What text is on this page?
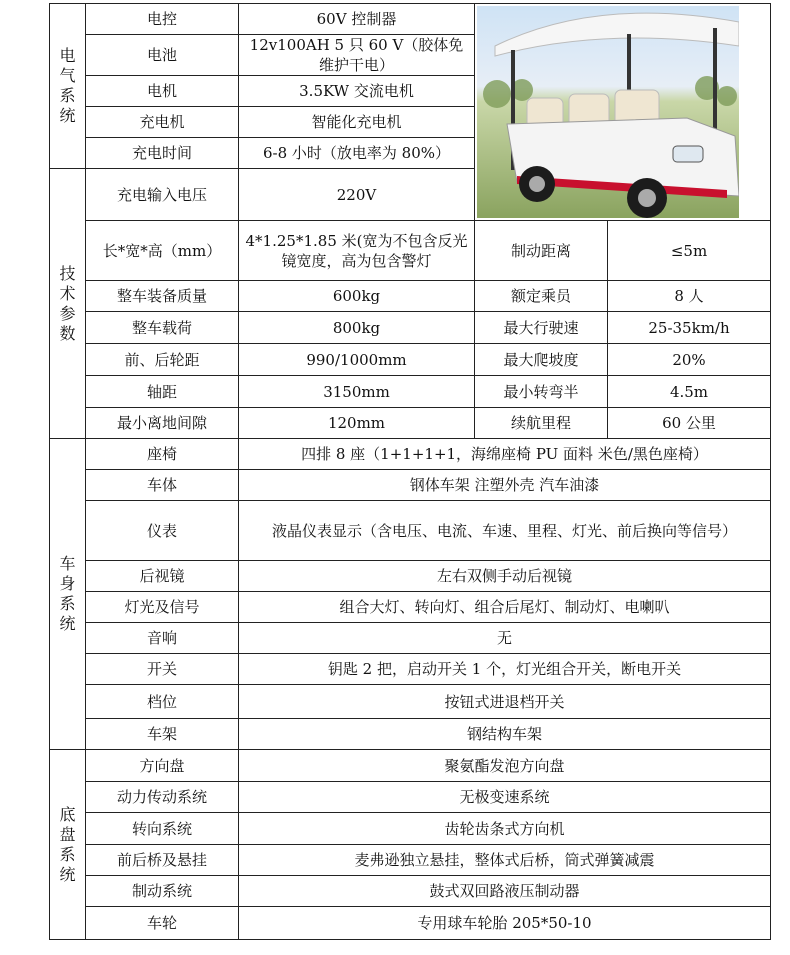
电
气
系
统	电控	60V 控制器	

	电池	12v100AH 5 只 60 V（胶体免维护干电）		
	电机	3.5KW 交流电机		
	充电机	智能化充电机		
	充电时间	6-8 小时（放电率为 80%）		

技
术
参
数	充电输入电压	220V		
	长*宽*高（mm）	4*1.25*1.85 米(宽为不包含反光镜宽度，高为包含警灯	制动距离	≤5m
	整车装备质量	600kg	额定乘员	8 人
	整车载荷	800kg	最大行驶速	25-35km/h
	前、后轮距	990/1000mm	最大爬坡度	20%
	轴距	3150mm	最小转弯半	4.5m
	最小离地间隙	120mm	续航里程	60 公里

车
身
系
统	座椅	四排 8 座（1+1+1+1，海绵座椅 PU 面料 米色/黑色座椅）		
	车体	钢体车架 注塑外壳 汽车油漆		
	仪表	液晶仪表显示（含电压、电流、车速、里程、灯光、前后换向等信号）		
	后视镜	左右双侧手动后视镜		
	灯光及信号	组合大灯、转向灯、组合后尾灯、制动灯、电喇叭		
	音响	无		
	开关	钥匙 2 把，启动开关 1 个，灯光组合开关，断电开关		
	档位	按钮式进退档开关		
	车架	钢结构车架		

底
盘
系
统	方向盘	聚氨酯发泡方向盘		
	动力传动系统	无极变速系统		
	转向系统	齿轮齿条式方向机		
	前后桥及悬挂	麦弗逊独立悬挂，整体式后桥，筒式弹簧减震		
	制动系统	鼓式双回路液压制动器		
	车轮	专用球车轮胎 205*50-10		
